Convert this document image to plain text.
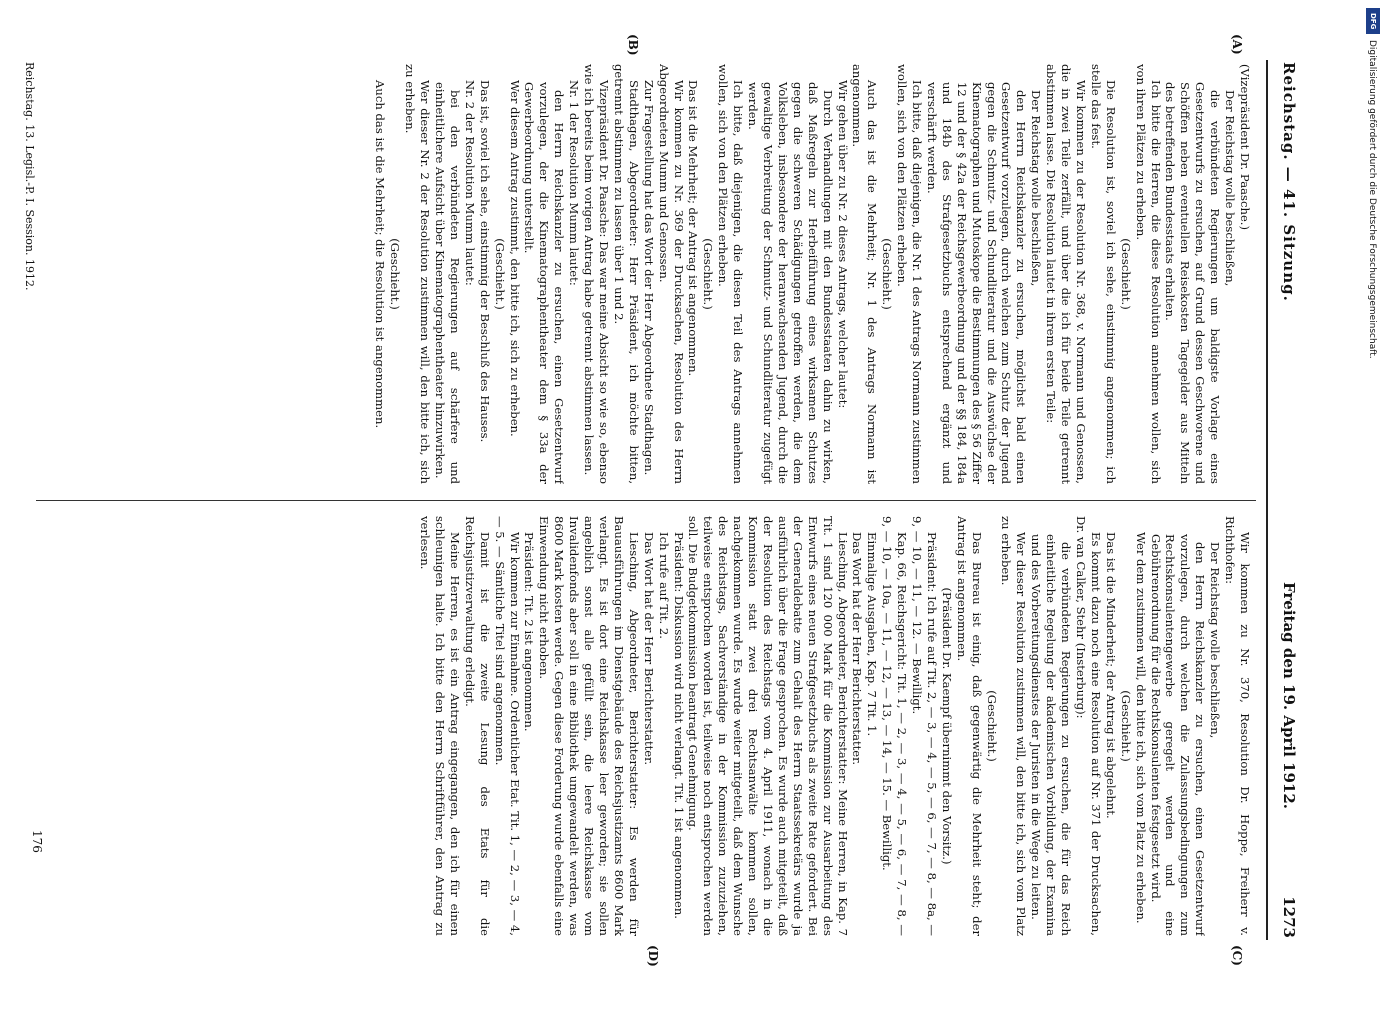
Reichstag. — 41. Sitzung.
Freitag den 19. April 1912.
1273
(A)
(B)
(C)
(D)

(Vizepräsident Dr. Paasche.)

Der Reichstag wolle beschließen,

die verbündeten Regierungen um baldigste Vorlage eines Gesetzentwurfs zu ersuchen, auf Grund dessen Geschworene und Schöffen neben eventuellen Reisekosten Tagegelder aus Mitteln des betreffenden Bundesstaats erhalten.

Ich bitte die Herren, die diese Resolution annehmen wollen, sich von ihren Plätzen zu erheben.

(Geschieht.)

Die Resolution ist, soviel ich sehe, einstimmig angenommen; ich stelle das fest.

Wir kommen zu der Resolution Nr. 368, v. Normann und Genossen, die in zwei Teile zerfällt, und über die ich für beide Teile getrennt abstimmen lasse. Die Resolution lautet in ihrem ersten Teile:

Der Reichstag wolle beschließen,

den Herrn Reichskanzler zu ersuchen, möglichst bald einen Gesetzentwurf vorzulegen, durch welchen zum Schutz der Jugend gegen die Schmutz- und Schundliteratur und die Auswüchse der Kinematographen und Mutoskope die Bestimmungen des § 56 Ziffer 12 und der § 42a der Reichsgewerbeordnung und der §§ 184, 184a und 184b des Strafgesetzbuchs entsprechend ergänzt und verschärft werden.

Ich bitte, daß diejenigen, die Nr. 1 des Antrags Normann zustimmen wollen, sich von den Plätzen erheben.

(Geschieht.)

Auch das ist die Mehrheit; Nr. 1 des Antrags Normann ist angenommen.

Wir gehen über zu Nr. 2 dieses Antrags, welcher lautet:

Durch Verhandlungen mit den Bundesstaaten dahin zu wirken, daß Maßregeln zur Herbeiführung eines wirksamen Schutzes gegen die schweren Schädigungen getroffen werden, die dem Volksleben, insbesondere der heranwachsenden Jugend, durch die gewaltige Verbreitung der Schmutz- und Schundliteratur zugefügt werden.

Ich bitte, daß diejenigen, die diesen Teil des Antrags annehmen wollen, sich von den Plätzen erheben.

(Geschieht.)

Das ist die Mehrheit; der Antrag ist angenommen.

Wir kommen zu Nr. 369 der Drucksachen, Resolution des Herrn Abgeordneten Mumm und Genossen.

Zur Fragestellung hat das Wort der Herr Abgeordnete Stadthagen.

Stadthagen, Abgeordneter: Herr Präsident, ich möchte bitten, getrennt abstimmen zu lassen über 1 und 2.

Vizepräsident Dr. Paasche: Das war meine Absicht so wie so, ebenso wie ich bereits beim vorigen Antrag habe getrennt abstimmen lassen.

Nr. 1 der Resolution Mumm lautet:

den Herrn Reichskanzler zu ersuchen, einen Gesetzentwurf vorzulegen, der die Kinematographentheater dem § 33a der Gewerbeordnung unterstellt.

Wer diesem Antrag zustimmt, den bitte ich, sich zu erheben.

(Geschieht.)

Das ist, soviel ich sehe, einstimmig der Beschluß des Hauses.

Nr. 2 der Resolution Mumm lautet:

bei den verbündeten Regierungen auf schärfere und einheitlichere Aufsicht über Kinematographentheater hinzuwirken.

Wer dieser Nr. 2 der Resolution zustimmen will, den bitte ich, sich zu erheben.

(Geschieht.)

Auch das ist die Mehrheit; die Resolution ist angenommen.

Wir kommen zu Nr. 370, Resolution Dr. Hoppe, Freiherr v. Richthofen:

Der Reichstag wolle beschließen,

den Herrn Reichskanzler zu ersuchen, einen Gesetzentwurf vorzulegen, durch welchen die Zulassungsbedingungen zum Rechtskonsulentengewerbe geregelt werden und eine Gebührenordnung für die Rechtskonsulenten festgesetzt wird.

Wer dem zustimmen will, den bitte ich, sich vom Platz zu erheben.

(Geschieht.)

Das ist die Minderheit; der Antrag ist abgelehnt.

Es kommt dazu noch eine Resolution auf Nr. 371 der Drucksachen, Dr. van Calker, Stehr (Insterburg):

die verbündeten Regierungen zu ersuchen, die für das Reich einheitliche Regelung der akademischen Vorbildung, der Examina und des Vorbereitungsdienstes der Juristen in die Wege zu leiten.

Wer dieser Resolution zustimmen will, den bitte ich, sich vom Platz zu erheben.

(Geschieht.)

Das Bureau ist einig, daß gegenwärtig die Mehrheit steht; der Antrag ist angenommen.

(Präsident Dr. Kaempf übernimmt den Vorsitz.)

Präsident: Ich rufe auf Tit. 2, — 3, — 4, — 5, — 6, — 7, — 8, — 8a, — 9, — 10, — 11, — 12. — Bewilligt.

Kap. 66, Reichsgericht: Tit. 1, — 2, — 3, — 4, — 5, — 6, — 7, — 8, — 9, — 10, — 10a, — 11, — 12, — 13, — 14, — 15. — Bewilligt.

Einmalige Ausgaben, Kap. 7 Tit. 1.

Das Wort hat der Herr Berichterstatter.

Liesching, Abgeordneter, Berichterstatter: Meine Herren, in Kap. 7 Tit. 1 sind 120 000 Mark für die Kommission zur Ausarbeitung des Entwurfs eines neuen Strafgesetzbuchs als zweite Rate gefordert. Bei der Generaldebatte zum Gehalt des Herrn Staatssekretärs wurde ja ausführlich über die Frage gesprochen. Es wurde auch mitgeteilt, daß der Resolution des Reichstags vom 4. April 1911, wonach in die Kommission statt zwei drei Rechtsanwälte kommen sollen, nachgekommen wurde. Es wurde weiter mitgeteilt, daß dem Wunsche des Reichstags, Sachverständige in der Kommission zuzuziehen, teilweise entsprochen worden ist, teilweise noch entsprochen werden soll. Die Budgetkommission beantragt Genehmigung.

Präsident: Diskussion wird nicht verlangt. Tit. 1 ist angenommen.

Ich rufe auf Tit. 2.

Das Wort hat der Herr Berichterstatter.

Liesching, Abgeordneter, Berichterstatter: Es werden für Bauausführungen im Dienstgebäude des Reichsjustizamts 8600 Mark verlangt. Es ist dort eine Reichskasse leer geworden; sie sollen angeblich sonst alle gefüllt sein, die leere Reichskasse vom Invalidenfonds aber soll in eine Bibliothek umgewandelt werden, was 8600 Mark kosten werde. Gegen diese Forderung wurde ebenfalls eine Einwendung nicht erhoben.

Präsident: Tit. 2 ist angenommen.

Wir kommen zur Einnahme. Ordentlicher Etat. Tit. 1, — 2, — 3, — 4, — 5. — Sämtliche Titel sind angenommen.

Damit ist die zweite Lesung des Etats für die Reichsjustizverwaltung erledigt.

Meine Herren, es ist ein Antrag eingegangen, den ich für einen schleunigen halte. Ich bitte den Herrn Schriftführer, den Antrag zu verlesen.

Reichstag. 13. Legisl.-P. I. Session. 1912.
176
DFG
Digitalisierung gefördert durch die Deutsche Forschungsgemeinschaft.
